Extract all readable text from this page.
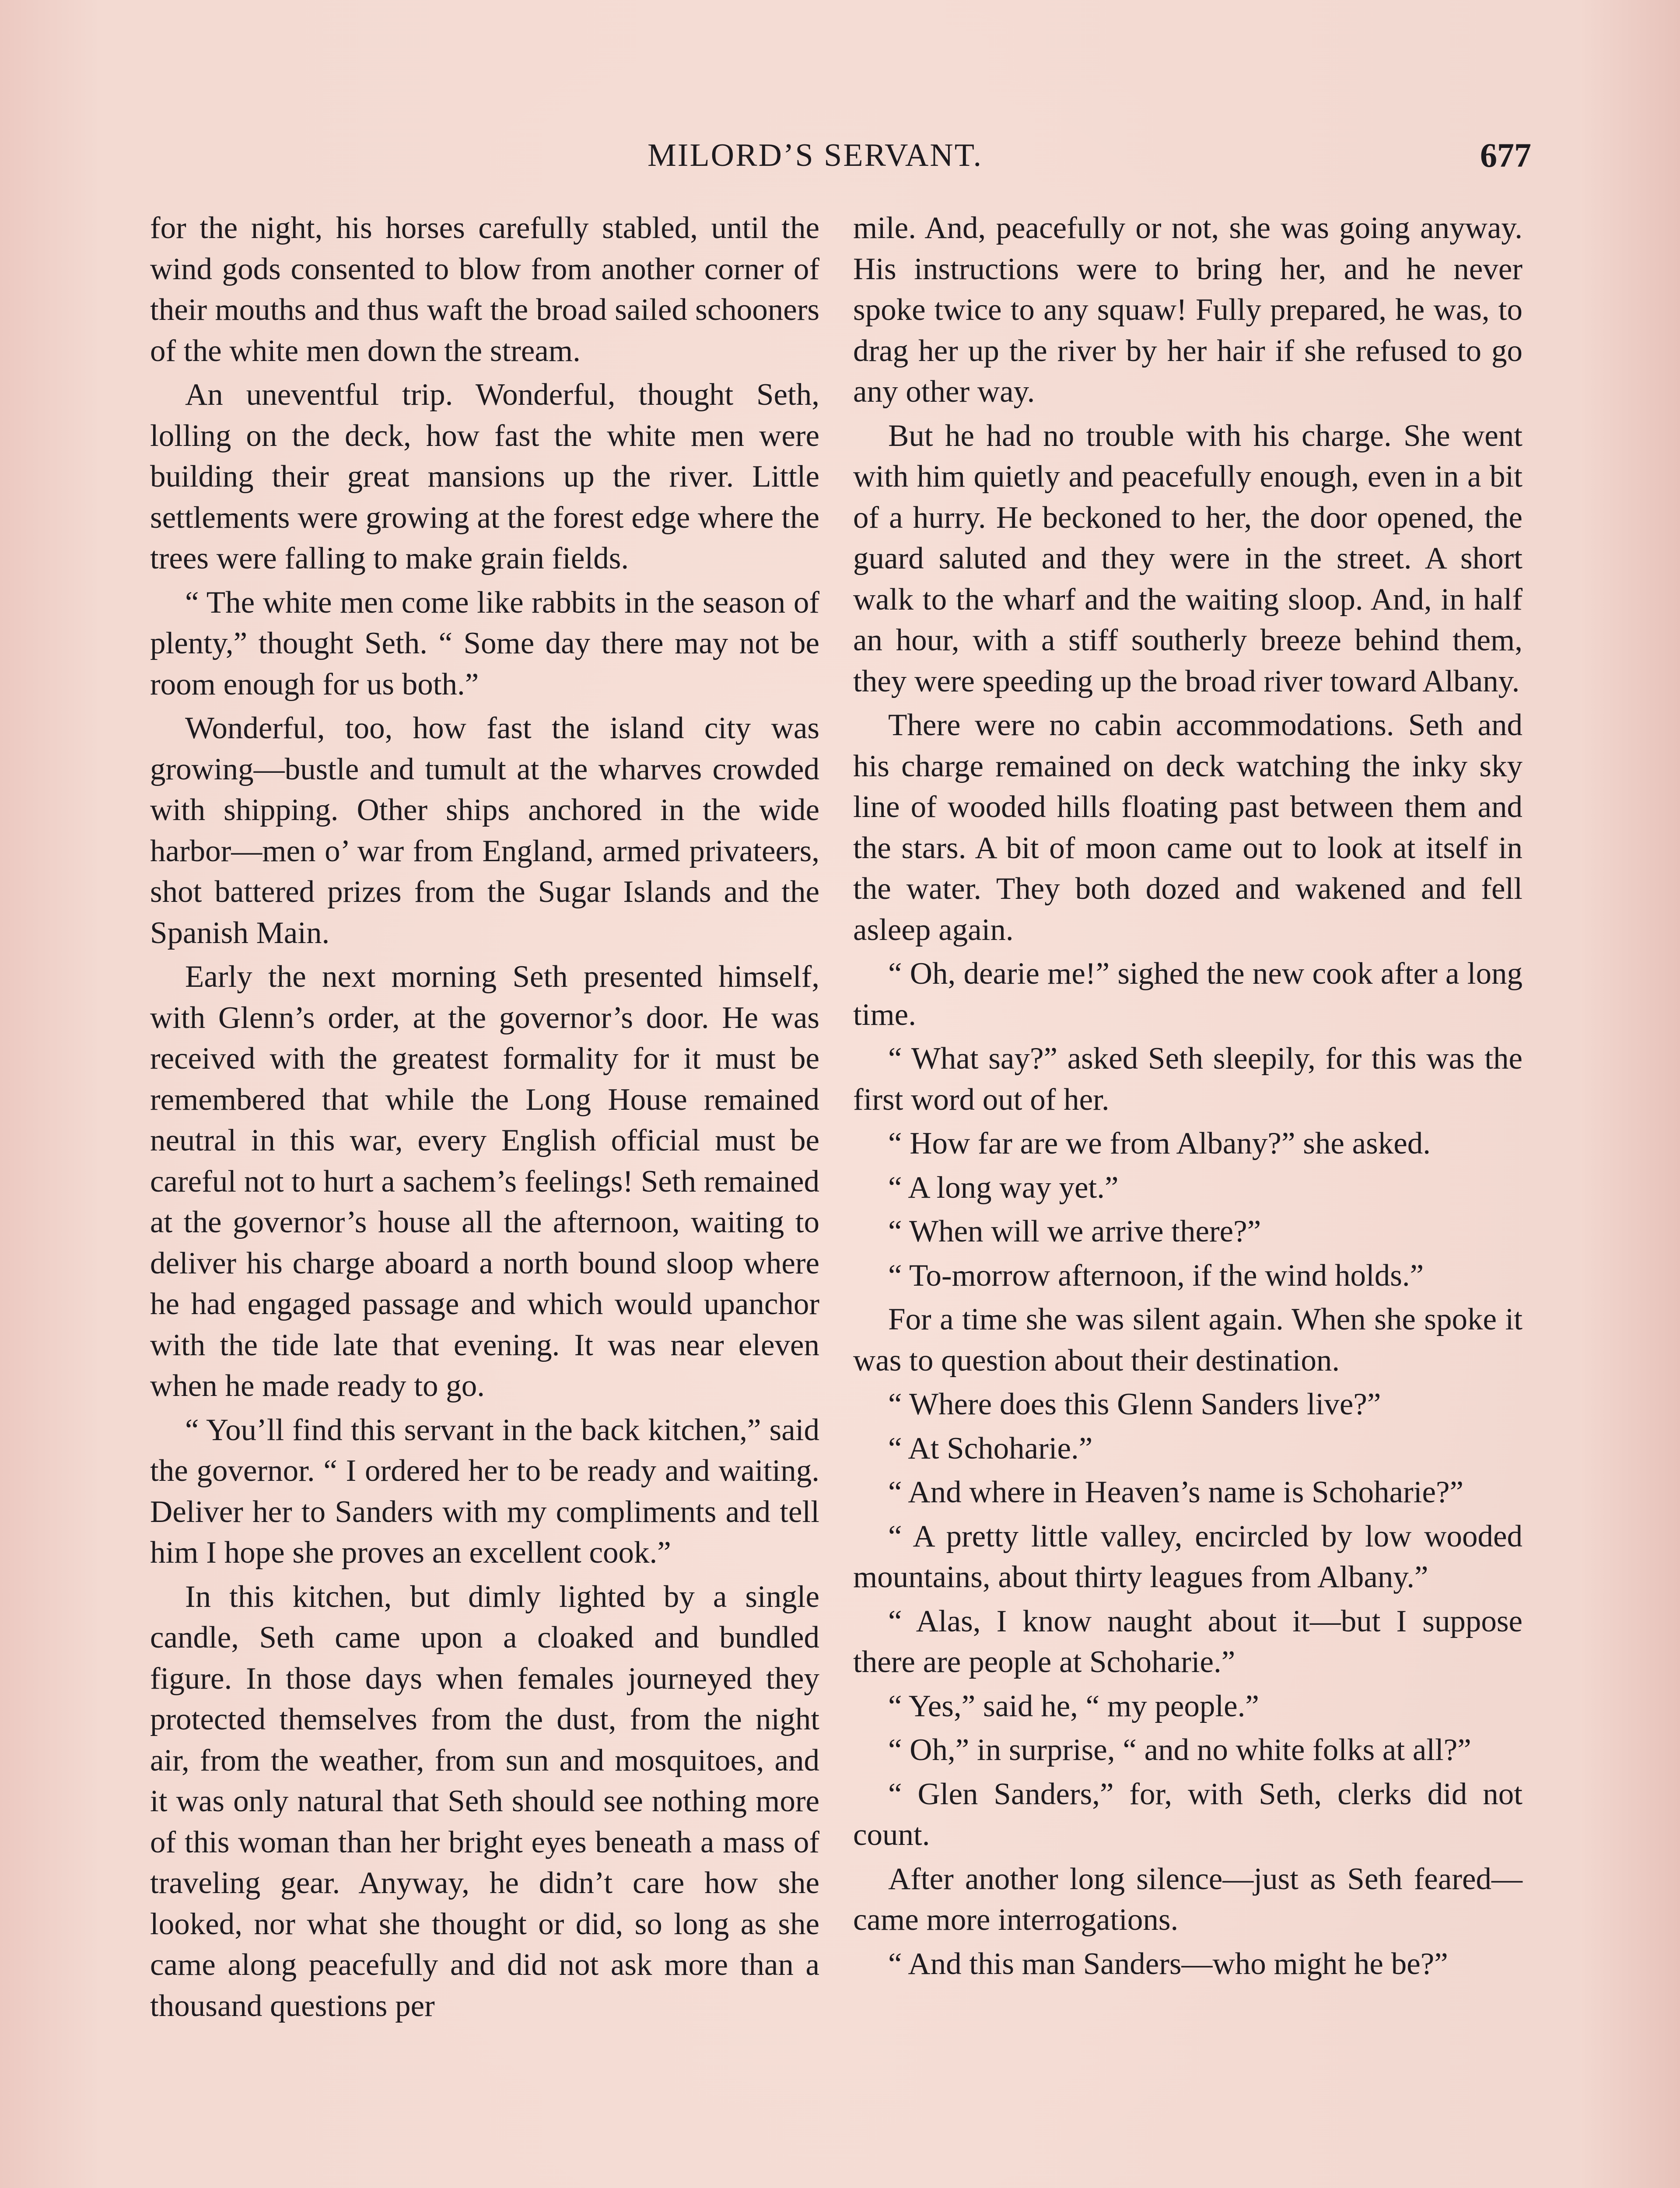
MILORD’S SERVANT.	677

for the night, his horses carefully stabled, until the wind gods consented to blow from another corner of their mouths and thus waft the broad sailed schooners of the white men down the stream.

An uneventful trip. Wonderful, thought Seth, lolling on the deck, how fast the white men were building their great mansions up the river. Little settlements were growing at the forest edge where the trees were falling to make grain fields.

“ The white men come like rabbits in the season of plenty,” thought Seth. “ Some day there may not be room enough for us both.”

Wonderful, too, how fast the island city was growing—bustle and tumult at the wharves crowded with shipping. Other ships anchored in the wide harbor—men o’ war from England, armed privateers, shot battered prizes from the Sugar Islands and the Spanish Main.

Early the next morning Seth presented himself, with Glenn’s order, at the governor’s door. He was received with the greatest formality for it must be remembered that while the Long House remained neutral in this war, every English official must be careful not to hurt a sachem’s feelings! Seth remained at the governor’s house all the afternoon, waiting to deliver his charge aboard a north bound sloop where he had engaged passage and which would upanchor with the tide late that evening. It was near eleven when he made ready to go.

“ You’ll find this servant in the back kitchen,” said the governor. “ I ordered her to be ready and waiting. Deliver her to Sanders with my compliments and tell him I hope she proves an excellent cook.”

In this kitchen, but dimly lighted by a single candle, Seth came upon a cloaked and bundled figure. In those days when females journeyed they protected themselves from the dust, from the night air, from the weather, from sun and mosquitoes, and it was only natural that Seth should see nothing more of this woman than her bright eyes beneath a mass of traveling gear. Anyway, he didn’t care how she looked, nor what she thought or did, so long as she came along peacefully and did not ask more than a thousand questions per

mile. And, peacefully or not, she was going anyway. His instructions were to bring her, and he never spoke twice to any squaw! Fully prepared, he was, to drag her up the river by her hair if she refused to go any other way.

But he had no trouble with his charge. She went with him quietly and peacefully enough, even in a bit of a hurry. He beckoned to her, the door opened, the guard saluted and they were in the street. A short walk to the wharf and the waiting sloop. And, in half an hour, with a stiff southerly breeze behind them, they were speeding up the broad river toward Albany.

There were no cabin accommodations. Seth and his charge remained on deck watching the inky sky line of wooded hills floating past between them and the stars. A bit of moon came out to look at itself in the water. They both dozed and wakened and fell asleep again.

“ Oh, dearie me!” sighed the new cook after a long time.

“ What say?” asked Seth sleepily, for this was the first word out of her.

“ How far are we from Albany?” she asked.

“ A long way yet.”

“ When will we arrive there?”

“ To-morrow afternoon, if the wind holds.”

For a time she was silent again. When she spoke it was to question about their destination.

“ Where does this Glenn Sanders live?”

“ At Schoharie.”

“ And where in Heaven’s name is Schoharie?”

“ A pretty little valley, encircled by low wooded mountains, about thirty leagues from Albany.”

“ Alas, I know naught about it—but I suppose there are people at Schoharie.”

“ Yes,” said he, “ my people.”

“ Oh,” in surprise, “ and no white folks at all?”

“ Glen Sanders,” for, with Seth, clerks did not count.

After another long silence—just as Seth feared—came more interrogations.

“ And this man Sanders—who might he be?”
